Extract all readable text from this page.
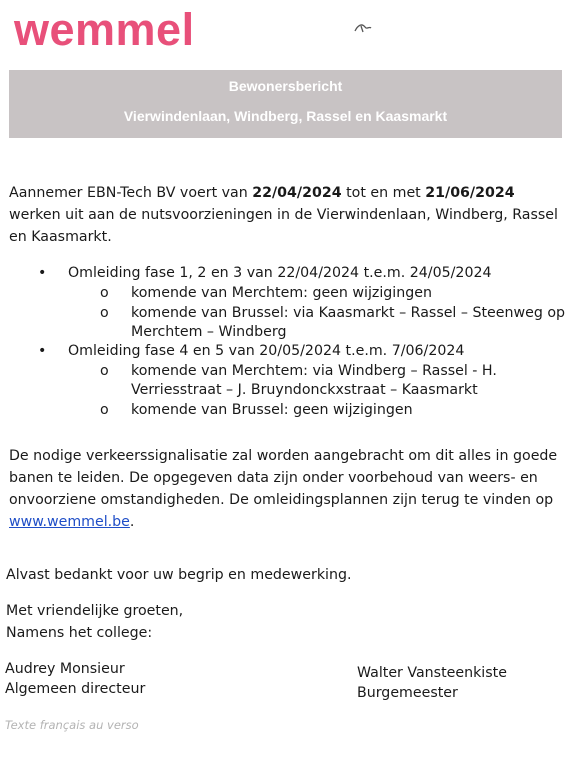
wemmel
Bewonersbericht
Vierwindenlaan, Windberg, Rassel en Kaasmarkt
Aannemer EBN-Tech BV voert van 22/04/2024 tot en met 21/06/2024 werken uit aan de nutsvoorzieningen in de Vierwindenlaan, Windberg, Rassel en Kaasmarkt.
• Omleiding fase 1, 2 en 3 van 22/04/2024 t.e.m. 24/05/2024
o komende van Merchtem: geen wijzigingen
o komende van Brussel: via Kaasmarkt – Rassel – Steenweg op Merchtem – Windberg
• Omleiding fase 4 en 5 van 20/05/2024 t.e.m. 7/06/2024
o komende van Merchtem: via Windberg – Rassel - H. Verriesstraat – J. Bruyndonckxstraat – Kaasmarkt
o komende van Brussel: geen wijzigingen
De nodige verkeerssignalisatie zal worden aangebracht om dit alles in goede banen te leiden. De opgegeven data zijn onder voorbehoud van weers- en onvoorziene omstandigheden. De omleidingsplannen zijn terug te vinden op www.wemmel.be.
Alvast bedankt voor uw begrip en medewerking.
Met vriendelijke groeten,
Namens het college:
Audrey Monsieur
Algemeen directeur
Walter Vansteenkiste
Burgemeester
Texte français au verso
